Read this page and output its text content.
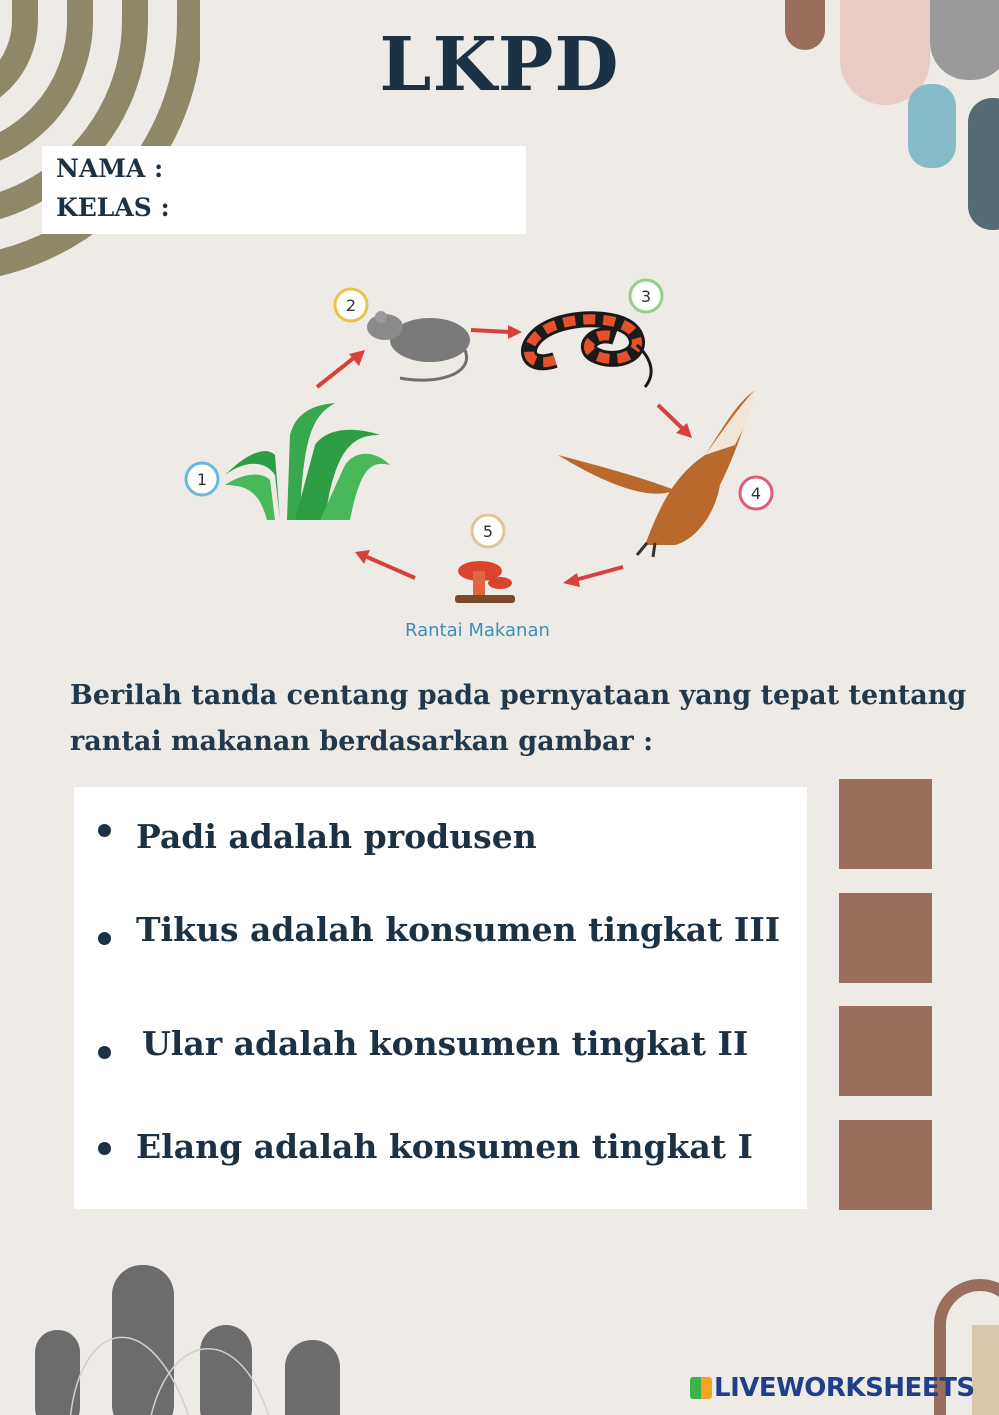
LKPD
NAMA :
KELAS :
1
2	3
4
5
Rantai Makanan
Berilah tanda centang pada pernyataan yang tepat tentang rantai makanan berdasarkan gambar :
Padi adalah produsen
Tikus adalah konsumen tingkat III
Ular adalah konsumen tingkat II
Elang adalah konsumen tingkat I
LIVEWORKSHEETS
